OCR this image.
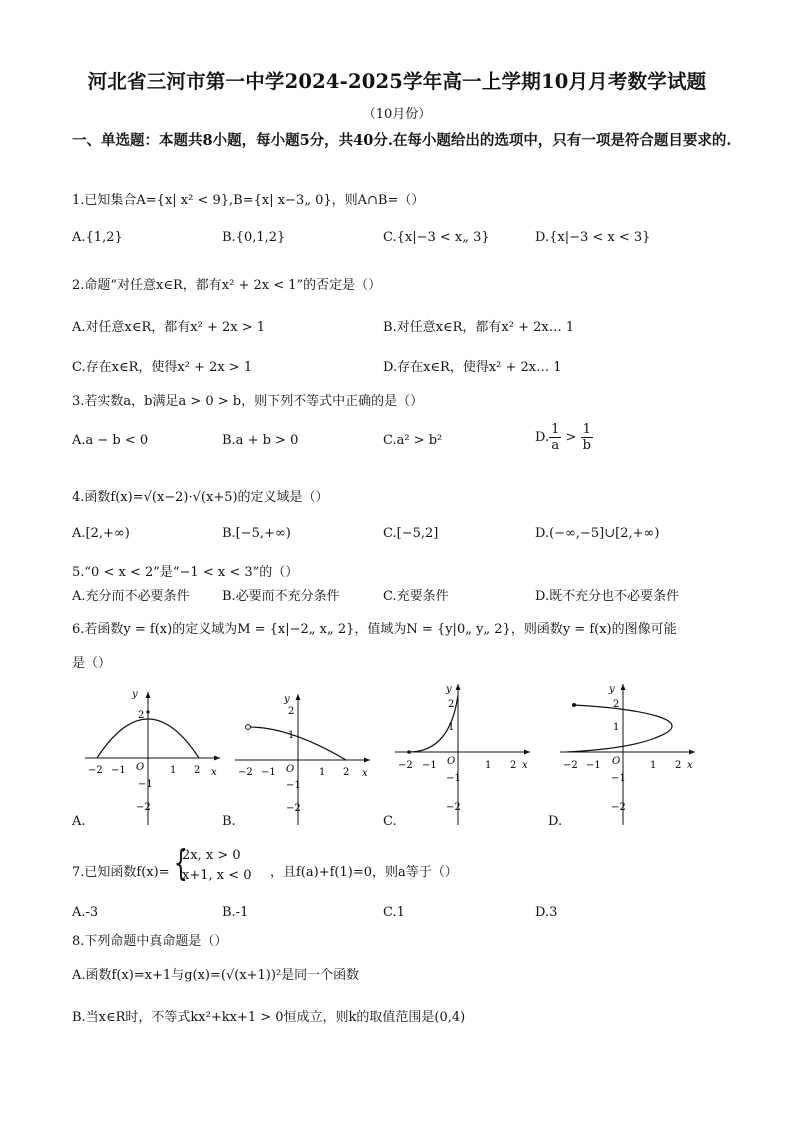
河北省三河市第一中学2024-2025学年高一上学期10月月考数学试题
（10月份）
一、单选题：本题共8小题，每小题5分，共40分.在每小题给出的选项中，只有一项是符合题目要求的.
1.已知集合A={x| x² < 9},B={x| x−3„ 0}，则A∩B=（）
A.{1,2}	B.{0,1,2}	C.{x|−3 < x„ 3}	D.{x|−3 < x < 3}
2.命题“对任意x∈R，都有x² + 2x < 1”的否定是（）
A.对任意x∈R，都有x² + 2x > 1	B.对任意x∈R，都有x² + 2x… 1
C.存在x∈R，使得x² + 2x > 1	D.存在x∈R，使得x² + 2x… 1
3.若实数a，b满足a > 0 > b，则下列不等式中正确的是（）
A.a − b < 0	B.a + b > 0	C.a² > b²	D. $\frac{1}{a} > \frac{1}{b}$
4.函数f(x)=√(x−2)·√(x+5)的定义域是（）
A.[2,+∞)	B.[−5,+∞)	C.[−5,2]	D.(−∞,−5]∪[2,+∞)
5.“0 < x < 2”是“−1 < x < 3”的（）
A.充分而不必要条件 B.必要而不充分条件	C.充要条件	D.既不充分也不必要条件
6.若函数y = f(x)的定义域为M = {x|−2„ x„ 2}，值域为N = {y|0„ y„ 2}，则函数y = f(x)的图像可能
是（）
y
x
O
−2 −1	1 2
2
−1
−2
y
x
O
−2 −1	1 2
2
1
−1
−2
y
x
O
−2 −1	1 2
2
1
−1
−2
y
x
O
−2 −1	1 2
2
1
−1
−2
A.	B.	C.	D.
7.已知函数f(x)= {
2x, x > 0
x+1, x < 0 ，且f(a)+f(1)=0，则a等于（）
A.-3	B.-1	C.1	D.3
8.下列命题中真命题是（）
A.函数f(x)=x+1与g(x)=(√(x+1))²是同一个函数
B.当x∈R时，不等式kx²+kx+1 > 0恒成立，则k的取值范围是(0,4)
